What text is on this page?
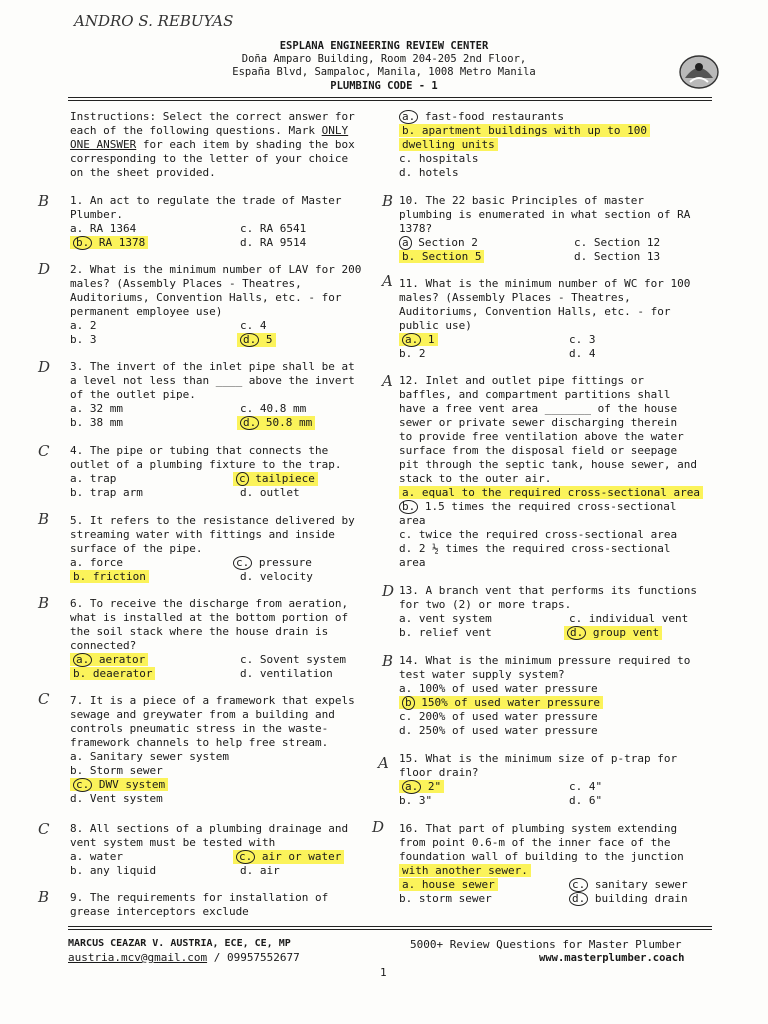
ANDRO S. REBUYAS
ESPLANA ENGINEERING REVIEW CENTER
Doña Amparo Building, Room 204-205 2nd Floor,
España Blvd, Sampaloc, Manila, 1008 Metro Manila
PLUMBING CODE - 1
Instructions: Select the correct answer for
each of the following questions. Mark ONLY
ONE ANSWER for each item by shading the box
corresponding to the letter of your choice
on the sheet provided.
B 1. An act to regulate the trade of Master
Plumber.
a. RA 1364	c. RA 6541
b. RA 1378	d. RA 9514
D 2. What is the minimum number of LAV for 200
males? (Assembly Places - Theatres,
Auditoriums, Convention Halls, etc. - for
permanent employee use)
a. 2	c. 4
b. 3	d. 5
D 3. The invert of the inlet pipe shall be at
a level not less than ____ above the invert
of the outlet pipe.
a. 32 mm	c. 40.8 mm
b. 38 mm	d. 50.8 mm
C 4. The pipe or tubing that connects the
outlet of a plumbing fixture to the trap.
a. trap	c tailpiece
b. trap arm	d. outlet
B 5. It refers to the resistance delivered by
streaming water with fittings and inside
surface of the pipe.
a. force	c. pressure
b. friction	d. velocity
B 6. To receive the discharge from aeration,
what is installed at the bottom portion of
the soil stack where the house drain is
connected?
a. aerator	c. Sovent system
b. deaerator	d. ventilation
C 7. It is a piece of a framework that expels
sewage and greywater from a building and
controls pneumatic stress in the waste-
framework channels to help free stream.
a. Sanitary sewer system
b. Storm sewer
c. DWV system
d. Vent system
C 8. All sections of a plumbing drainage and
vent system must be tested with
a. water	c. air or water
b. any liquid	d. air
B 9. The requirements for installation of
grease interceptors exclude
a. fast-food restaurants
b. apartment buildings with up to 100
dwelling units
c. hospitals
d. hotels
B 10. The 22 basic Principles of master
plumbing is enumerated in what section of RA
1378?
a Section 2	c. Section 12
b. Section 5	d. Section 13
A 11. What is the minimum number of WC for 100
males? (Assembly Places - Theatres,
Auditoriums, Convention Halls, etc. - for
public use)
a. 1	c. 3
b. 2	d. 4
A 12. Inlet and outlet pipe fittings or
baffles, and compartment partitions shall
have a free vent area _______ of the house
sewer or private sewer discharging therein
to provide free ventilation above the water
surface from the disposal field or seepage
pit through the septic tank, house sewer, and
stack to the outer air.
a. equal to the required cross-sectional area
b. 1.5 times the required cross-sectional
area
c. twice the required cross-sectional area
d. 2 ½ times the required cross-sectional
area
D 13. A branch vent that performs its functions
for two (2) or more traps.
a. vent system	c. individual vent
b. relief vent	d. group vent
B 14. What is the minimum pressure required to
test water supply system?
a. 100% of used water pressure
b 150% of used water pressure
c. 200% of used water pressure
d. 250% of used water pressure
A 15. What is the minimum size of p-trap for
floor drain?
a. 2"	c. 4"
b. 3"	d. 6"
D 16. That part of plumbing system extending
from point 0.6-m of the inner face of the
foundation wall of building to the junction
with another sewer.
a. house sewer	c. sanitary sewer
b. storm sewer	d. building drain
MARCUS CEAZAR V. AUSTRIA, ECE, CE, MP
austria.mcv@gmail.com / 09957552677
5000+ Review Questions for Master Plumber
www.masterplumber.coach
1
